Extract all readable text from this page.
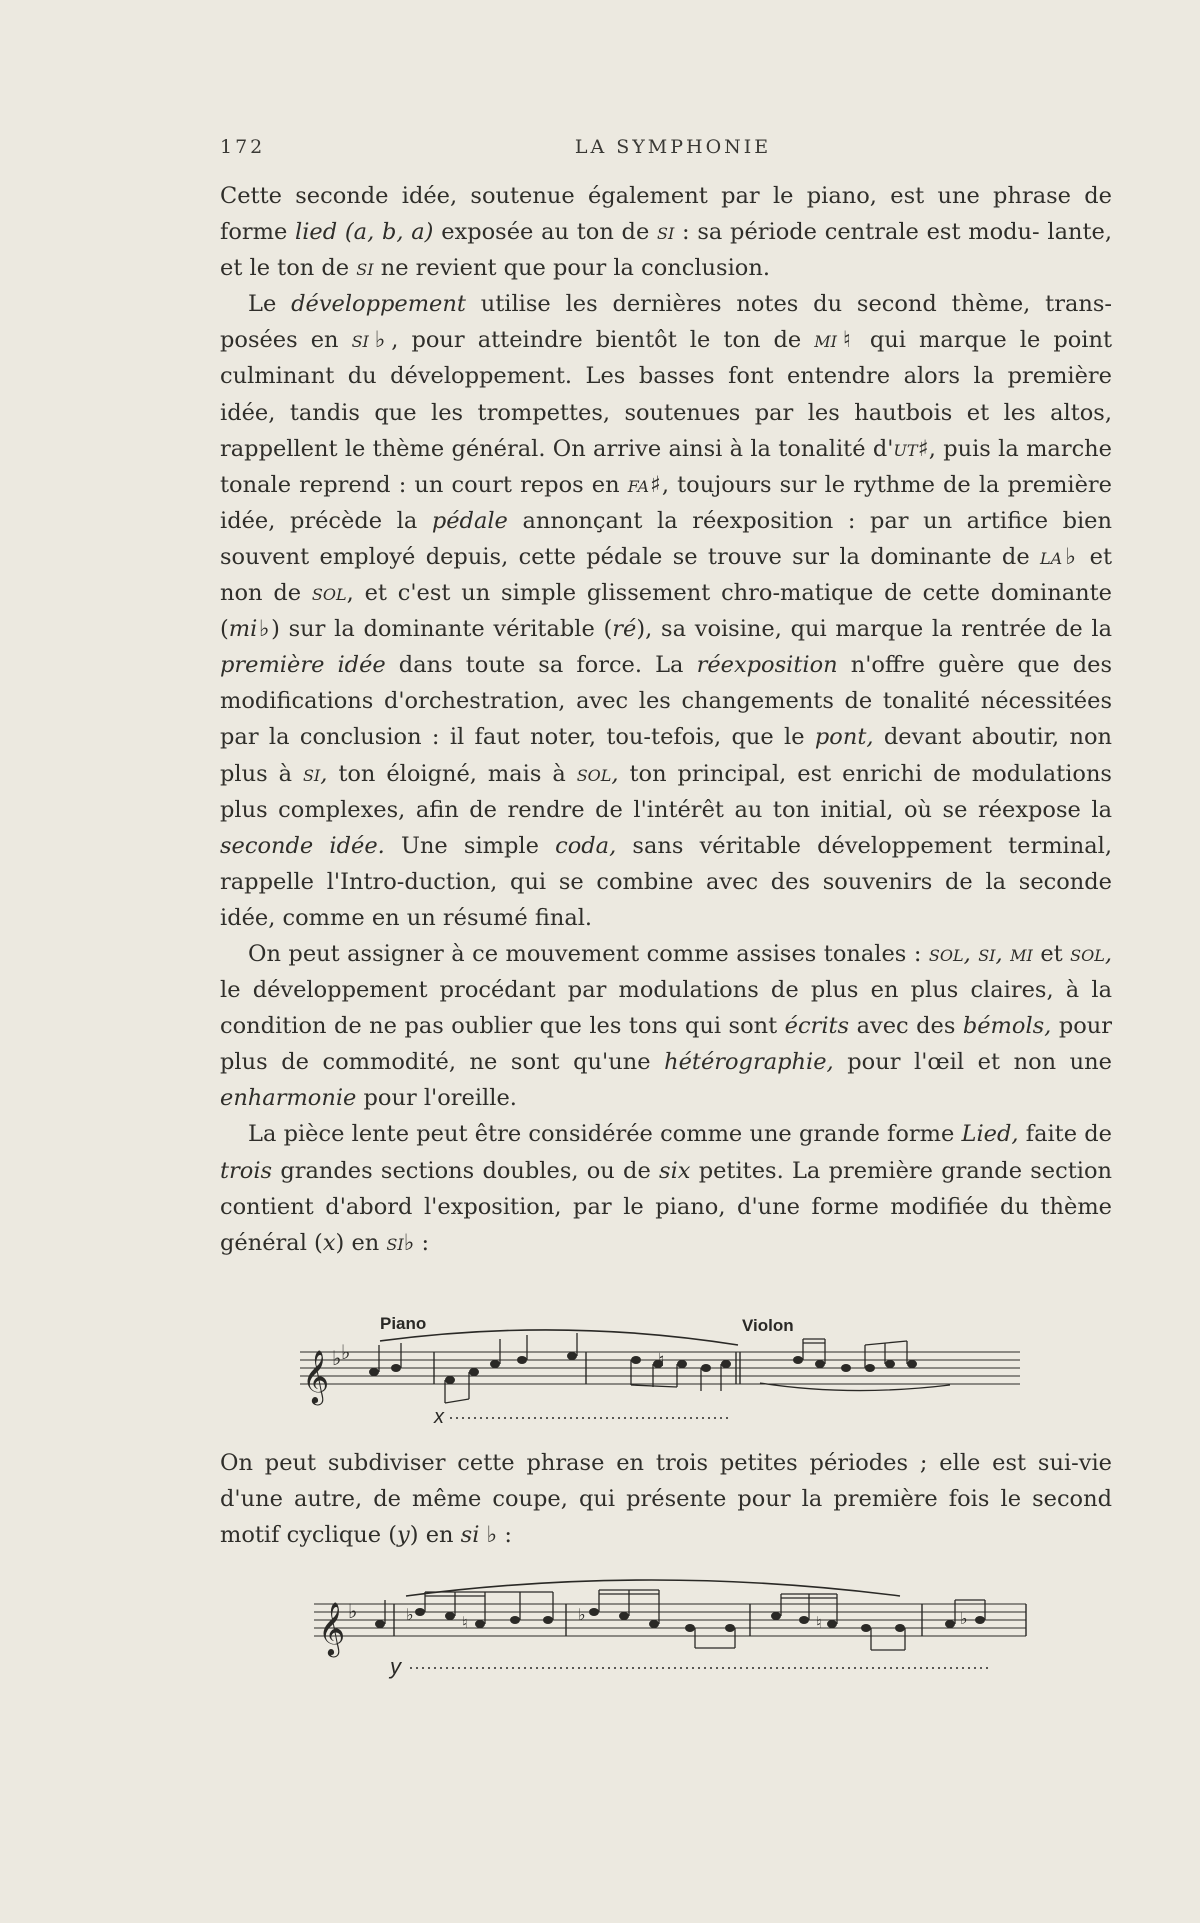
172	LA SYMPHONIE

Cette seconde idée, soutenue également par le piano, est une phrase de forme lied (a, b, a) exposée au ton de si : sa période centrale est modu- lante, et le ton de si ne revient que pour la conclusion.

Le développement utilise les dernières notes du second thème, trans-posées en si♭, pour atteindre bientôt le ton de mi♮ qui marque le point culminant du développement. Les basses font entendre alors la première idée, tandis que les trompettes, soutenues par les hautbois et les altos, rappellent le thème général. On arrive ainsi à la tonalité d'ut♯, puis la marche tonale reprend : un court repos en fa♯, toujours sur le rythme de la première idée, précède la pédale annonçant la réexposition : par un artifice bien souvent employé depuis, cette pédale se trouve sur la dominante de la♭ et non de sol, et c'est un simple glissement chro-matique de cette dominante (mi♭) sur la dominante véritable (ré), sa voisine, qui marque la rentrée de la première idée dans toute sa force. La réexposition n'offre guère que des modifications d'orchestration, avec les changements de tonalité nécessitées par la conclusion : il faut noter, tou-tefois, que le pont, devant aboutir, non plus à si, ton éloigné, mais à sol, ton principal, est enrichi de modulations plus complexes, afin de rendre de l'intérêt au ton initial, où se réexpose la seconde idée. Une simple coda, sans véritable développement terminal, rappelle l'Intro-duction, qui se combine avec des souvenirs de la seconde idée, comme en un résumé final.

On peut assigner à ce mouvement comme assises tonales : sol, si, mi et sol, le développement procédant par modulations de plus en plus claires, à la condition de ne pas oublier que les tons qui sont écrits avec des bémols, pour plus de commodité, ne sont qu'une hétérographie, pour l'œil et non une enharmonie pour l'oreille.

La pièce lente peut être considérée comme une grande forme Lied, faite de trois grandes sections doubles, ou de six petites. La première grande section contient d'abord l'exposition, par le piano, d'une forme modifiée du thème général (x) en si♭ :

Piano	Violon
𝄞 ♭ ♭	♮
x

On peut subdiviser cette phrase en trois petites périodes ; elle est sui-vie d'une autre, de même coupe, qui présente pour la première fois le second motif cyclique (y) en si ♭ :

𝄞 ♭	♭	♮	♭	♮	♭
y
